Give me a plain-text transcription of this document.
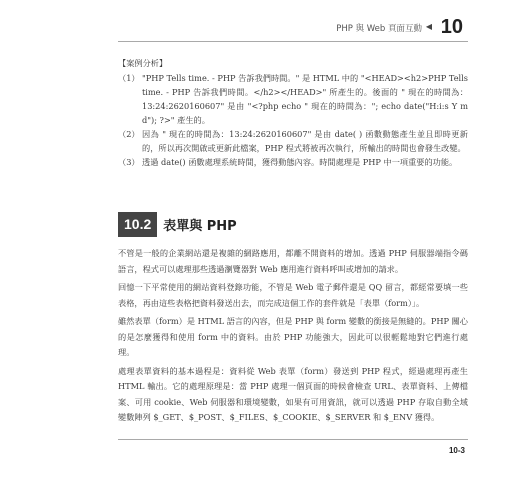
PHP 與 Web 頁面互動 ◀ 10
【案例分析】
（1） "PHP Tells time. - PHP 告訴我們時間。" 是 HTML 中的 "<HEAD><h2>PHP Tells time. - PHP 告訴我們時間。</h2></HEAD>" 所產生的。後面的 " 現在的時間為：13:24:2620160607" 是由 "<?php echo " 現在的時間為："; echo date("H:i:s Y m d"); ?>" 產生的。
（2） 因為 " 現在的時間為：13:24:2620160607" 是由 date( ) 函數動態產生並且即時更新的，所以再次開啟或更新此檔案，PHP 程式將被再次執行，所輸出的時間也會發生改變。
（3） 透過 date() 函數處理系統時間，獲得動態內容。時間處理是 PHP 中一項重要的功能。
10.2 表單與 PHP

不管是一般的企業網站還是複雜的網路應用，都離不開資料的增加。透過 PHP 伺服器端指令碼語言，程式可以處理那些透過瀏覽器對 Web 應用進行資料呼叫或增加的請求。

回憶一下平常使用的網站資料登錄功能，不管是 Web 電子郵件還是 QQ 留言，都經常要填一些表格，再由這些表格把資料發送出去，而完成這個工作的套件就是「表單（form）」。

雖然表單（form）是 HTML 語言的內容，但是 PHP 與 form 變數的銜接是無縫的。PHP 關心的是怎麼獲得和使用 form 中的資料。由於 PHP 功能強大，因此可以很輕鬆地對它們進行處理。

處理表單資料的基本過程是：資料從 Web 表單（form）發送到 PHP 程式，經過處理再產生 HTML 輸出。它的處理原理是：當 PHP 處理一個頁面的時候會檢查 URL、表單資料、上傳檔案、可用 cookie、Web 伺服器和環境變數，如果有可用資訊，就可以透過 PHP 存取自動全域變數陣列 $_GET、$_POST、$_FILES、$_COOKIE、$_SERVER 和 $_ENV 獲得。

10-3
